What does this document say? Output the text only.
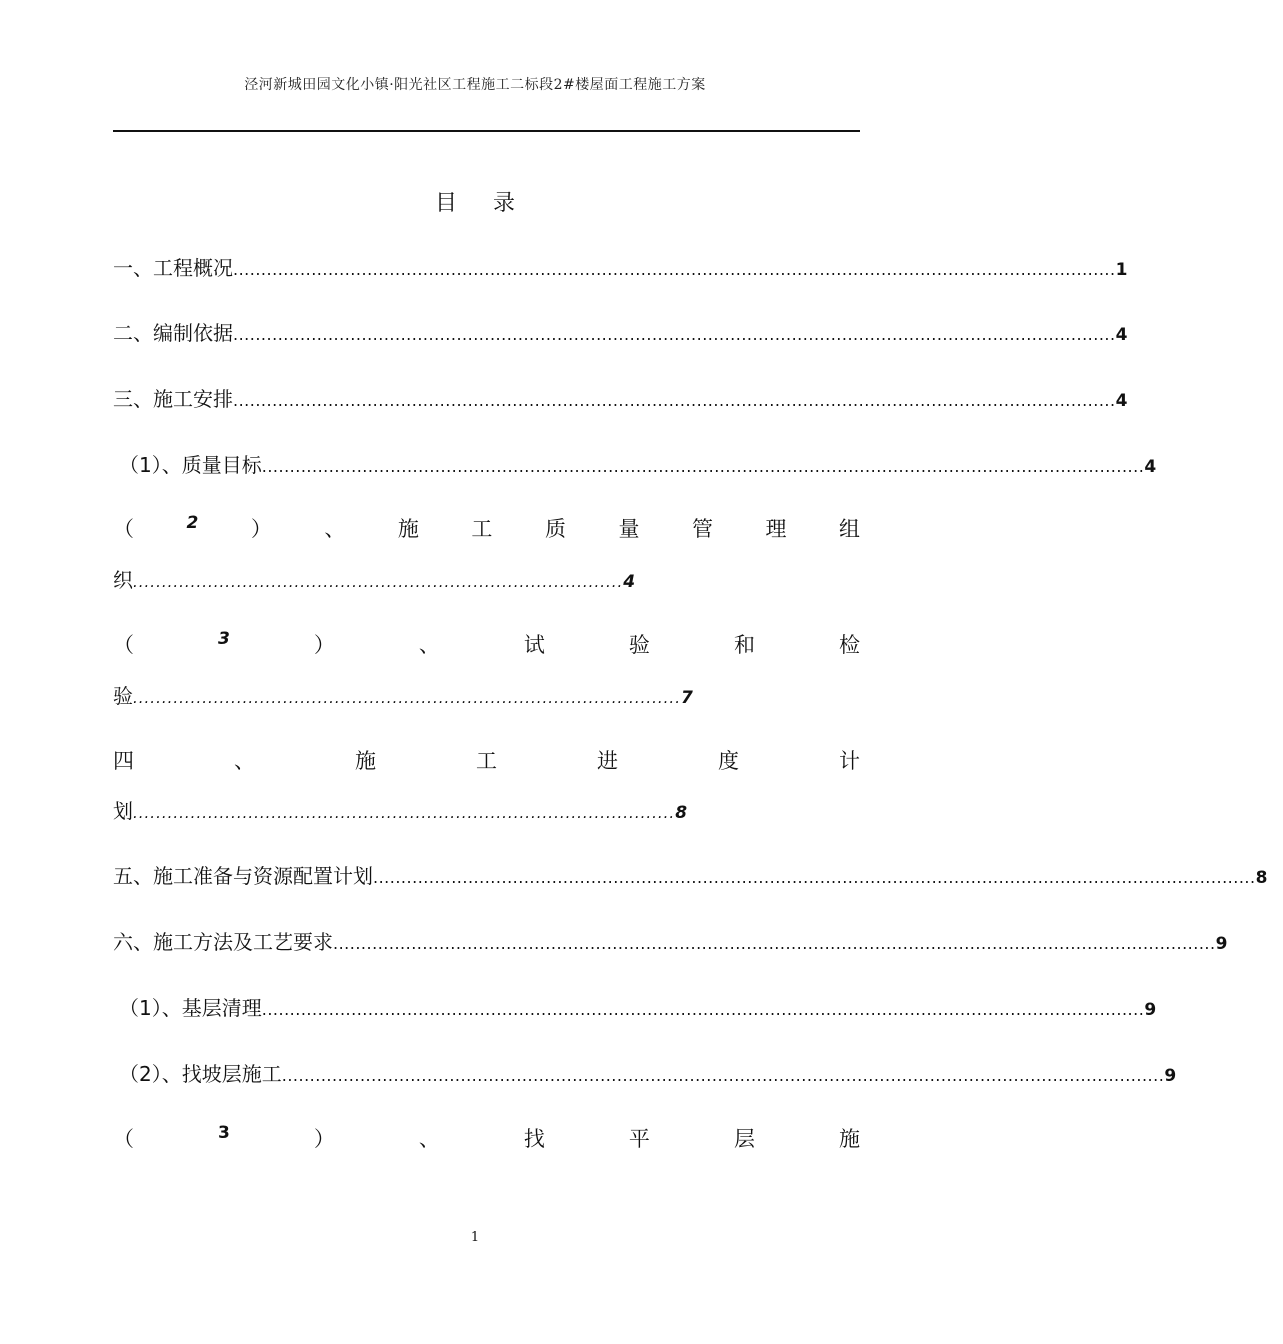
泾河新城田园文化小镇·阳光社区工程施工二标段2#楼屋面工程施工方案
目 录
一、工程概况 .............................................................................................................................................................. 1
二、编制依据 .............................................................................................................................................................. 4
三、施工安排 .............................................................................................................................................................. 4
（1）、质量目标 .............................................................................................................................................................. 4
（	2	）	、	施	工	质	量	管	理	组
织 ..................................................................................... 4
（	3	）	、	试	验	和	检
验 ............................................................................................... 7
四	、	施	工	进	度	计
划 .............................................................................................. 8
五、施工准备与资源配置计划 .............................................................................................................................................................. 8
六、施工方法及工艺要求 .............................................................................................................................................................. 9
（1）、基层清理 .............................................................................................................................................................. 9
（2）、找坡层施工 .............................................................................................................................................................. 9
（	3	）	、	找	平	层	施
1
